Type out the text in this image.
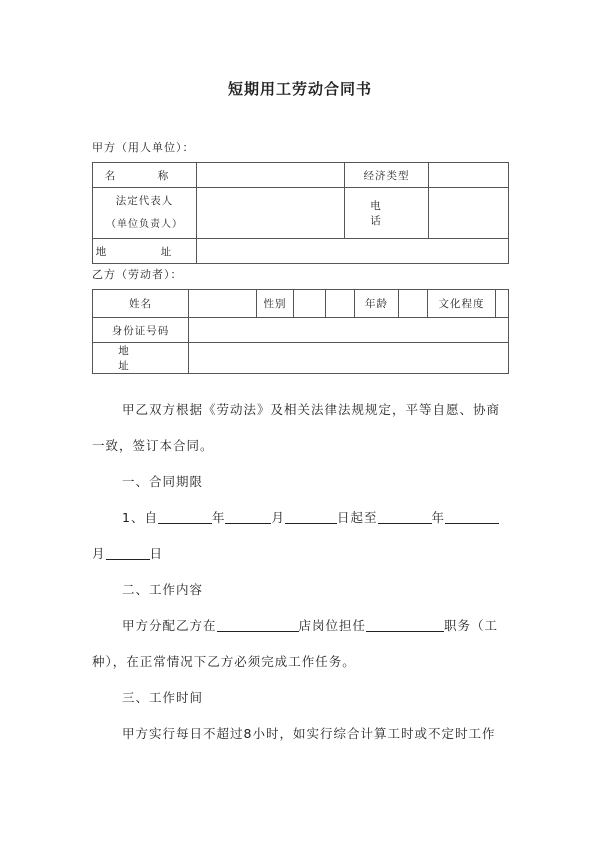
短期用工劳动合同书
甲方（用人单位）：
名　称		经济类型	

法定代表人
（单位负责人）		电　话	
地　址			
乙方（劳动者）：
姓名		性别			年龄		文化程度	
身份证号码								
地　址								
甲乙双方根据《劳动法》及相关法律法规规定，平等自愿、协商
一致，签订本合同。
一、合同期限
1、自	年	月	日起至	年
月	日
二、工作内容
甲方分配乙方在	店岗位担任	职务（工
种），在正常情况下乙方必须完成工作任务。
三、工作时间
甲方实行每日不超过8小时，如实行综合计算工时或不定时工作
